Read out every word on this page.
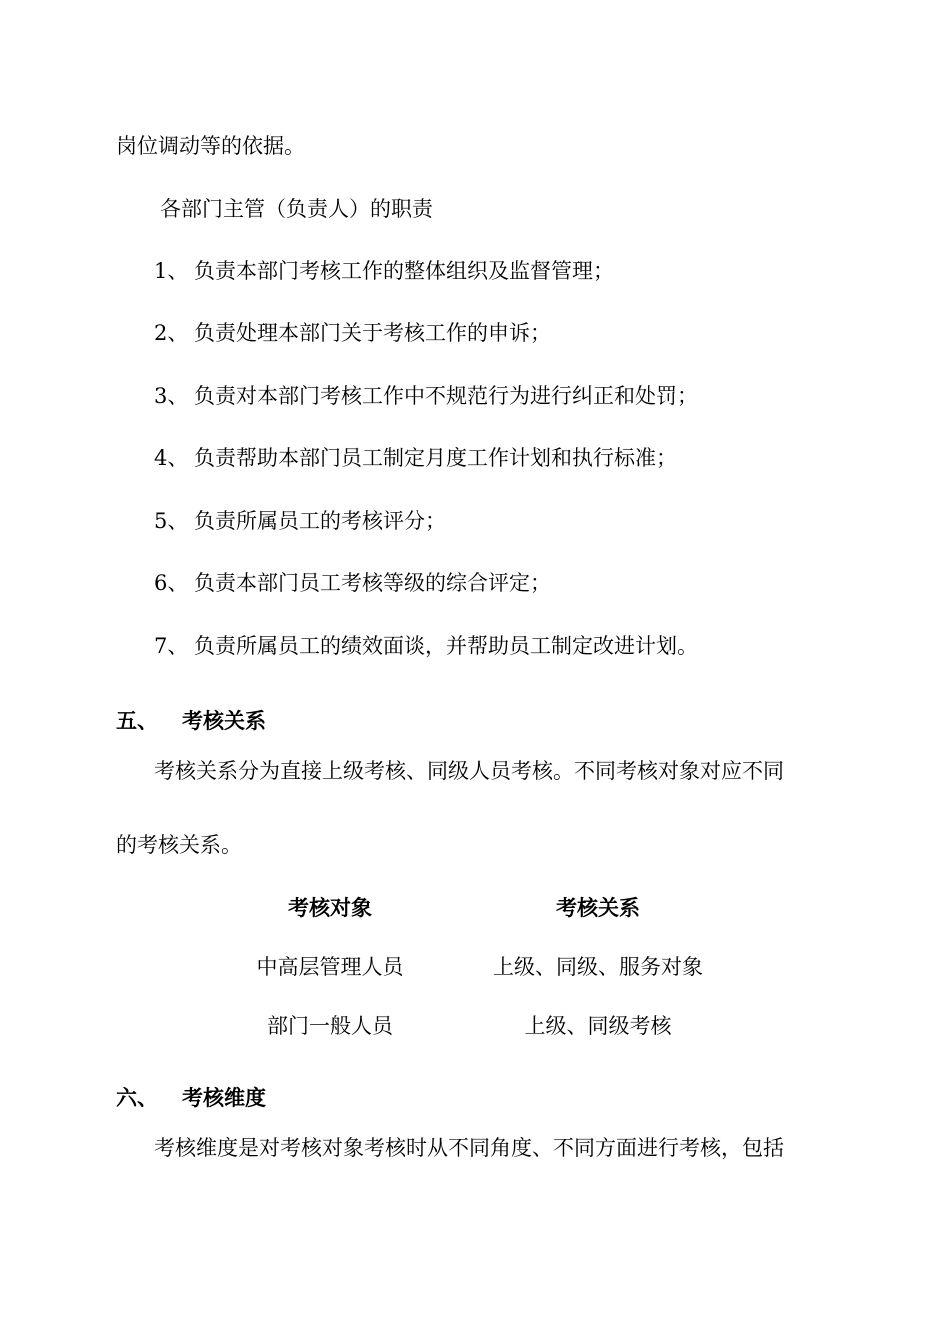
岗位调动等的依据。
各部门主管（负责人）的职责
1、 负责本部门考核工作的整体组织及监督管理；
2、 负责处理本部门关于考核工作的申诉；
3、 负责对本部门考核工作中不规范行为进行纠正和处罚；
4、 负责帮助本部门员工制定月度工作计划和执行标准；
5、 负责所属员工的考核评分；
6、 负责本部门员工考核等级的综合评定；
7、 负责所属员工的绩效面谈，并帮助员工制定改进计划。
五、 考核关系
考核关系分为直接上级考核、同级人员考核。不同考核对象对应不同
的考核关系。
考核对象	考核关系
中高层管理人员	上级、同级、服务对象
部门一般人员	上级、同级考核
六、 考核维度
考核维度是对考核对象考核时从不同角度、不同方面进行考核，包括
